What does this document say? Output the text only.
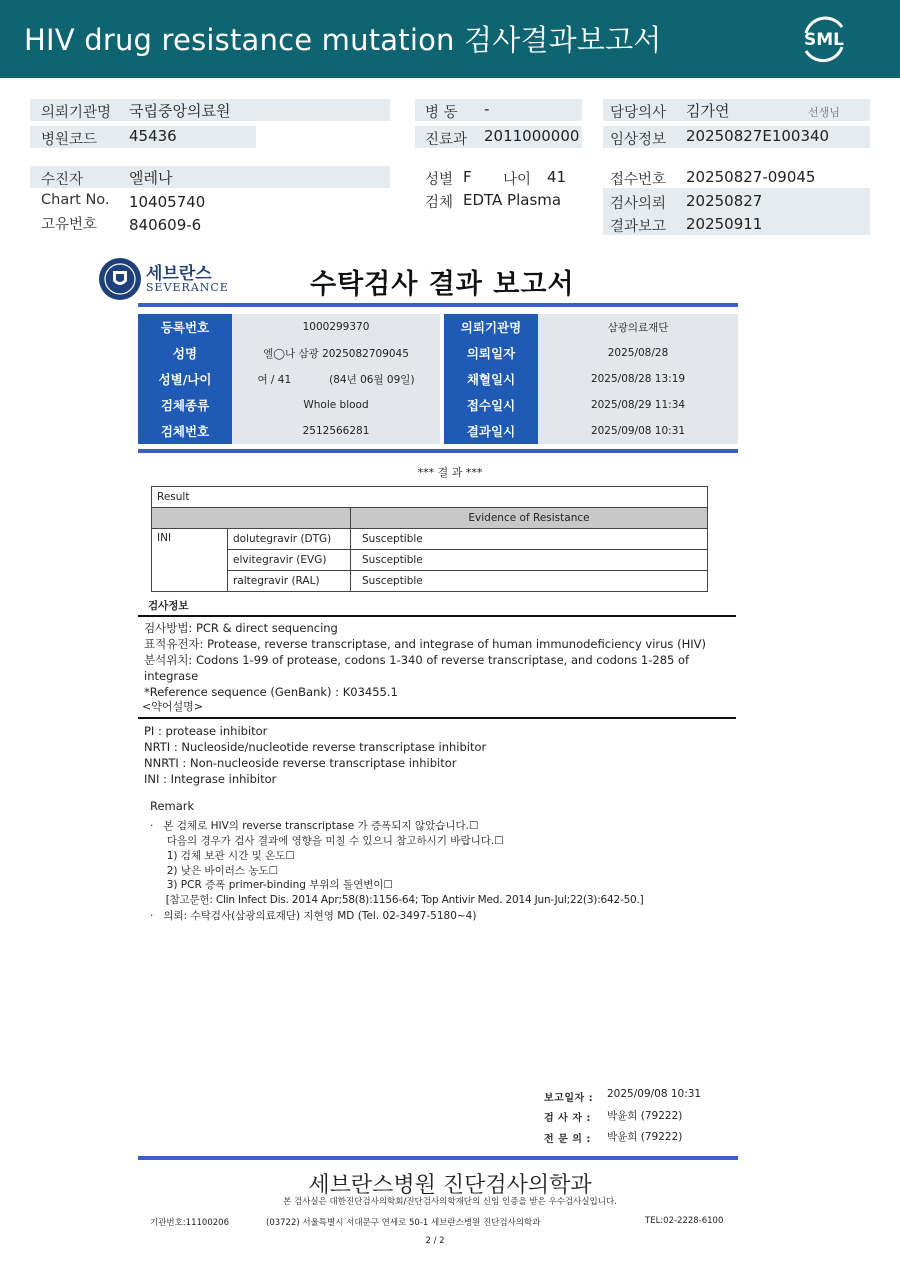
HIV drug resistance mutation 검사결과보고서	SML
의뢰기관명 국립중앙의료원
병원코드 45436
병 동 -
진료과 2011000000
담당의사 김가연	선생님
임상정보 20250827E100340
수진자	엘레나
Chart No. 10405740
고유번호 840609-6
성별 F 나이 41
검체 EDTA Plasma
접수번호 20250827-09045
검사의뢰 20250827
결과보고 20250911
세브란스
SEVERANCE	수탁검사 결과 보고서
등록번호	1000299370		의뢰기관명	삼광의료재단
성명	엘◯나 삼광 2025082709045		의뢰일자	2025/08/28
성별/나이	여 / 41 (84년 06월 09일)		채혈일시	2025/08/28 13:19
검체종류	Whole blood		접수일시	2025/08/29 11:34
검체번호	2512566281		결과일시	2025/09/08 10:31
*** 결 과 ***
Result		
		Evidence of Resistance
INI	dolutegravir (DTG)	Susceptible
	elvitegravir (EVG)	Susceptible
	raltegravir (RAL)	Susceptible
검사정보
검사방법: PCR & direct sequencing
표적유전자: Protease, reverse transcriptase, and integrase of human immunodeficiency virus (HIV)
분석위치: Codons 1-99 of protease, codons 1-340 of reverse transcriptase, and codons 1-285 of
integrase
*Reference sequence (GenBank) : K03455.1
<약어설명>
PI : protease inhibitor
NRTI : Nucleoside/nucleotide reverse transcriptase inhibitor
NNRTI : Non-nucleoside reverse transcriptase inhibitor
INI : Integrase inhibitor
Remark
·   본 검체로 HIV의 reverse transcriptase 가 증폭되지 않았습니다.☐
다음의 경우가 검사 결과에 영향을 미칠 수 있으니 참고하시기 바랍니다.☐
1) 검체 보관 시간 및 온도☐
2) 낮은 바이러스 농도☐
3) PCR 증폭 primer-binding 부위의 돌연변이☐
[참고문헌: Clin Infect Dis. 2014 Apr;58(8):1156-64; Top Antivir Med. 2014 Jun-Jul;22(3):642-50.]
·   의뢰: 수탁검사(삼광의료재단) 지현영 MD (Tel. 02-3497-5180~4)
보고일자 : 2025/09/08 10:31
검 사 자 : 박윤희 (79222)
전 문 의 : 박윤희 (79222)
세브란스병원 진단검사의학과
본 검사실은 대한진단검사의학회/진단검사의학재단의 신임 인증을 받은 우수검사실입니다.
기관번호:11100206	(03722) 서울특별시 서대문구 연세로 50-1 세브란스병원 진단검사의학과	TEL:02-2228-6100
2 / 2
